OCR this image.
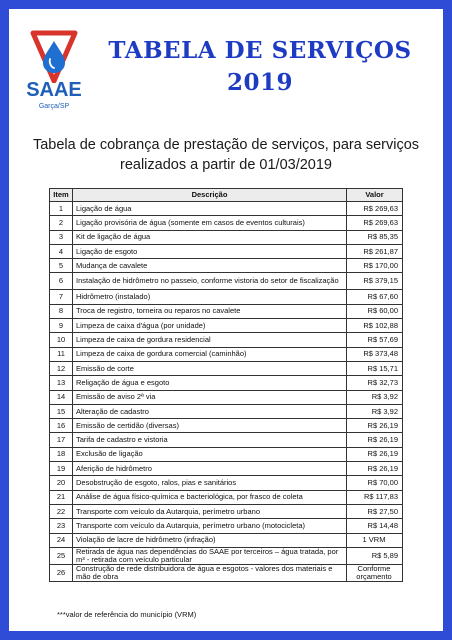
SAAE
Garça/SP
TABELA DE SERVIÇOS
2019
Tabela de cobrança de prestação de serviços, para serviços
realizados a partir de 01/03/2019
Item	Descrição	Valor
1	Ligação de água	R$ 269,63
2	Ligação provisória de água (somente em casos de eventos culturais)	R$ 269,63
3	Kit de ligação de água	R$ 85,35
4	Ligação de esgoto	R$ 261,87
5	Mudança de cavalete	R$ 170,00
6	Instalação de hidrômetro no passeio, conforme vistoria do setor de fiscalização	R$ 379,15
7	Hidrômetro (instalado)	R$ 67,60
8	Troca de registro, torneira ou reparos no cavalete	R$ 60,00
9	Limpeza de caixa d'água (por unidade)	R$ 102,88
10	Limpeza de caixa de gordura residencial	R$ 57,69
11	Limpeza de caixa de gordura comercial (caminhão)	R$ 373,48
12	Emissão de corte	R$ 15,71
13	Religação de água e esgoto	R$ 32,73
14	Emissão de aviso 2ª via	R$ 3,92
15	Alteração de cadastro	R$ 3,92
16	Emissão de certidão (diversas)	R$ 26,19
17	Tarifa de cadastro e vistoria	R$ 26,19
18	Exclusão de ligação	R$ 26,19
19	Aferição de hidrômetro	R$ 26,19
20	Desobstrução de esgoto, ralos, pias e sanitários	R$ 70,00
21	Análise de água físico-química e bacteriológica, por frasco de coleta	R$ 117,83
22	Transporte com veículo da Autarquia, perímetro urbano	R$ 27,50
23	Transporte com veículo da Autarquia, perímetro urbano (motocicleta)	R$ 14,48
24	Violação de lacre de hidrômetro (infração)	1 VRM
25	Retirada de água nas dependências do SAAE por terceiros – água tratada, por m³ - retirada com veículo particular	R$ 5,89
26	Construção de rede distribuidora de água e esgotos - valores dos materiais e mão de obra	Conforme orçamento
***valor de referência do município (VRM)
